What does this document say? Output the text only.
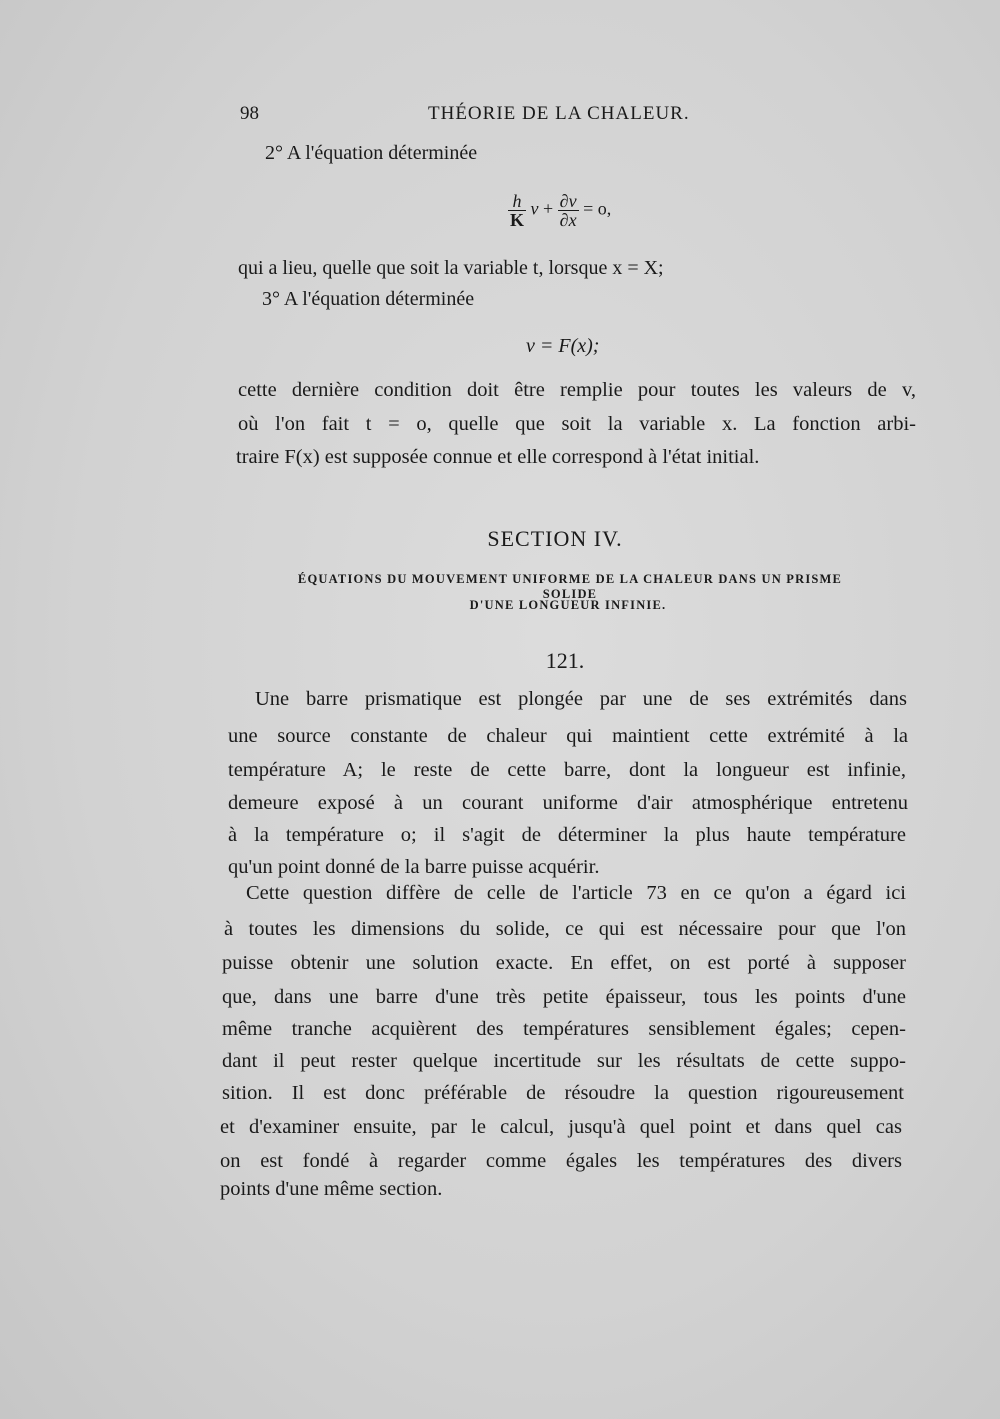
98	THÉORIE DE LA CHALEUR.
2° A l'équation déterminée
$\frac{h}{K}$ $v + \frac{\partial v}{\partial x} = o$,
qui a lieu, quelle que soit la variable t, lorsque x = X;
3° A l'équation déterminée
v = F(x);
cette dernière condition doit être remplie pour toutes les valeurs de v,
où l'on fait t = o, quelle que soit la variable x. La fonction arbi-
traire F(x) est supposée connue et elle correspond à l'état initial.
SECTION IV.
ÉQUATIONS DU MOUVEMENT UNIFORME DE LA CHALEUR DANS UN PRISME SOLIDE
D'UNE LONGUEUR INFINIE.
121.
Une barre prismatique est plongée par une de ses extrémités dans
une source constante de chaleur qui maintient cette extrémité à la
température A; le reste de cette barre, dont la longueur est infinie,
demeure exposé à un courant uniforme d'air atmosphérique entretenu
à la température o; il s'agit de déterminer la plus haute température
qu'un point donné de la barre puisse acquérir.
Cette question diffère de celle de l'article 73 en ce qu'on a égard ici
à toutes les dimensions du solide, ce qui est nécessaire pour que l'on
puisse obtenir une solution exacte. En effet, on est porté à supposer
que, dans une barre d'une très petite épaisseur, tous les points d'une
même tranche acquièrent des températures sensiblement égales; cepen-
dant il peut rester quelque incertitude sur les résultats de cette suppo-
sition. Il est donc préférable de résoudre la question rigoureusement
et d'examiner ensuite, par le calcul, jusqu'à quel point et dans quel cas
on est fondé à regarder comme égales les températures des divers
points d'une même section.
